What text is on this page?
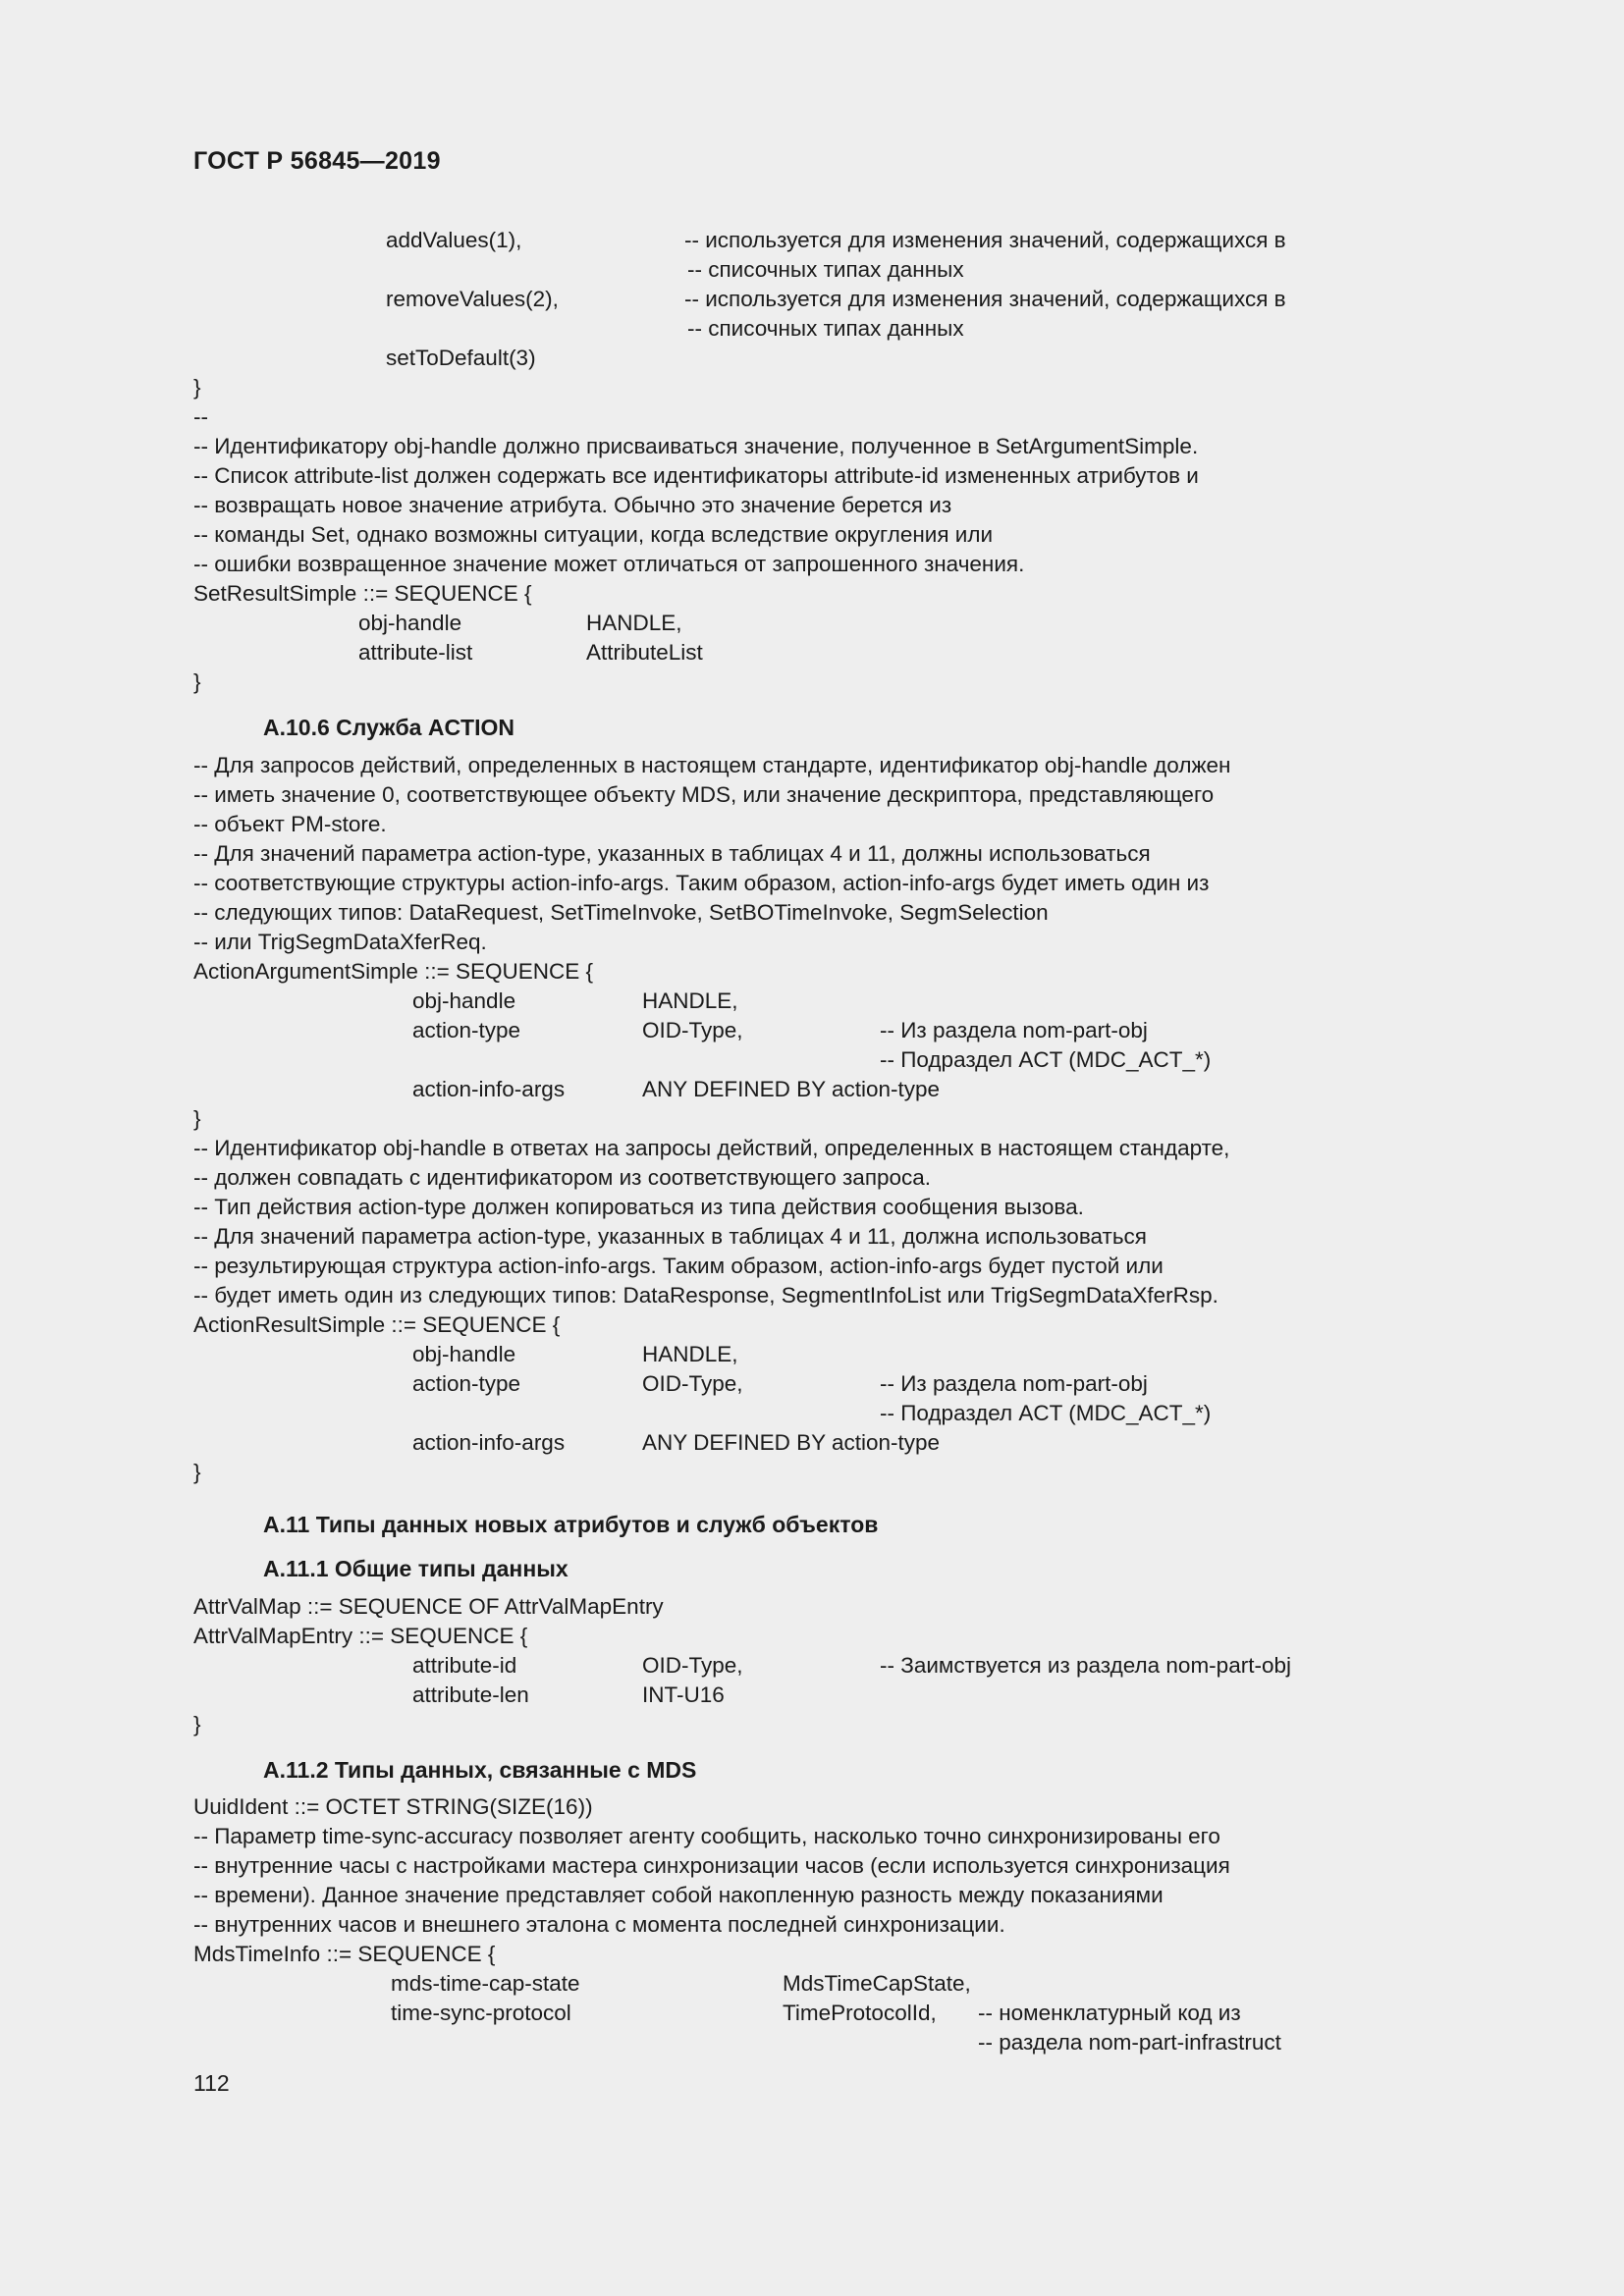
ГОСТ Р 56845—2019
addValues(1),	-- используется для изменения значений, содержащихся в
-- списочных типах данных
removeValues(2),	-- используется для изменения значений, содержащихся в
-- списочных типах данных
setToDefault(3)
}
--
-- Идентификатору obj-handle должно присваиваться значение, полученное в SetArgumentSimple.
-- Список attribute-list должен содержать все идентификаторы attribute-id измененных атрибутов и
-- возвращать новое значение атрибута. Обычно это значение берется из
-- команды Set, однако возможны ситуации, когда вследствие округления или
-- ошибки возвращенное значение может отличаться от запрошенного значения.
SetResultSimple ::= SEQUENCE {
obj-handle	HANDLE,
attribute-list	AttributeList
}
А.10.6 Служба ACTION
-- Для запросов действий, определенных в настоящем стандарте, идентификатор obj-handle должен
-- иметь значение 0, соответствующее объекту MDS, или значение дескриптора, представляющего
-- объект PM-store.
-- Для значений параметра action-type, указанных в таблицах 4 и 11, должны использоваться
-- соответствующие структуры action-info-args. Таким образом, action-info-args будет иметь один из
-- следующих типов: DataRequest, SetTimeInvoke, SetBOTimeInvoke, SegmSelection
-- или TrigSegmDataXferReq.
ActionArgumentSimple ::= SEQUENCE {
obj-handle	HANDLE,
action-type	OID-Type,	-- Из раздела nom-part-obj
-- Подраздел ACT (MDC_ACT_*)
action-info-args	ANY DEFINED BY action-type
}
-- Идентификатор obj-handle в ответах на запросы действий, определенных в настоящем стандарте,
-- должен совпадать с идентификатором из соответствующего запроса.
-- Тип действия action-type должен копироваться из типа действия сообщения вызова.
-- Для значений параметра action-type, указанных в таблицах 4 и 11, должна использоваться
-- результирующая структура action-info-args. Таким образом, action-info-args будет пустой или
-- будет иметь один из следующих типов: DataResponse, SegmentInfoList или TrigSegmDataXferRsp.
ActionResultSimple ::= SEQUENCE {
obj-handle	HANDLE,
action-type	OID-Type,	-- Из раздела nom-part-obj
-- Подраздел ACT (MDC_ACT_*)
action-info-args	ANY DEFINED BY action-type
}
А.11 Типы данных новых атрибутов и служб объектов
А.11.1 Общие типы данных
AttrValMap ::= SEQUENCE OF AttrValMapEntry
AttrValMapEntry ::= SEQUENCE {
attribute-id	OID-Type,	-- Заимствуется из раздела nom-part-obj
attribute-len	INT-U16
}
А.11.2 Типы данных, связанные с MDS
UuidIdent ::= OCTET STRING(SIZE(16))
-- Параметр time-sync-accuracy позволяет агенту сообщить, насколько точно синхронизированы его
-- внутренние часы с настройками мастера синхронизации часов (если используется синхронизация
-- времени). Данное значение представляет собой накопленную разность между показаниями
-- внутренних часов и внешнего эталона с момента последней синхронизации.
MdsTimeInfo ::= SEQUENCE {
mds-time-cap-state	MdsTimeCapState,
time-sync-protocol	TimeProtocolId, -- номенклатурный код из
-- раздела nom-part-infrastruct
112
